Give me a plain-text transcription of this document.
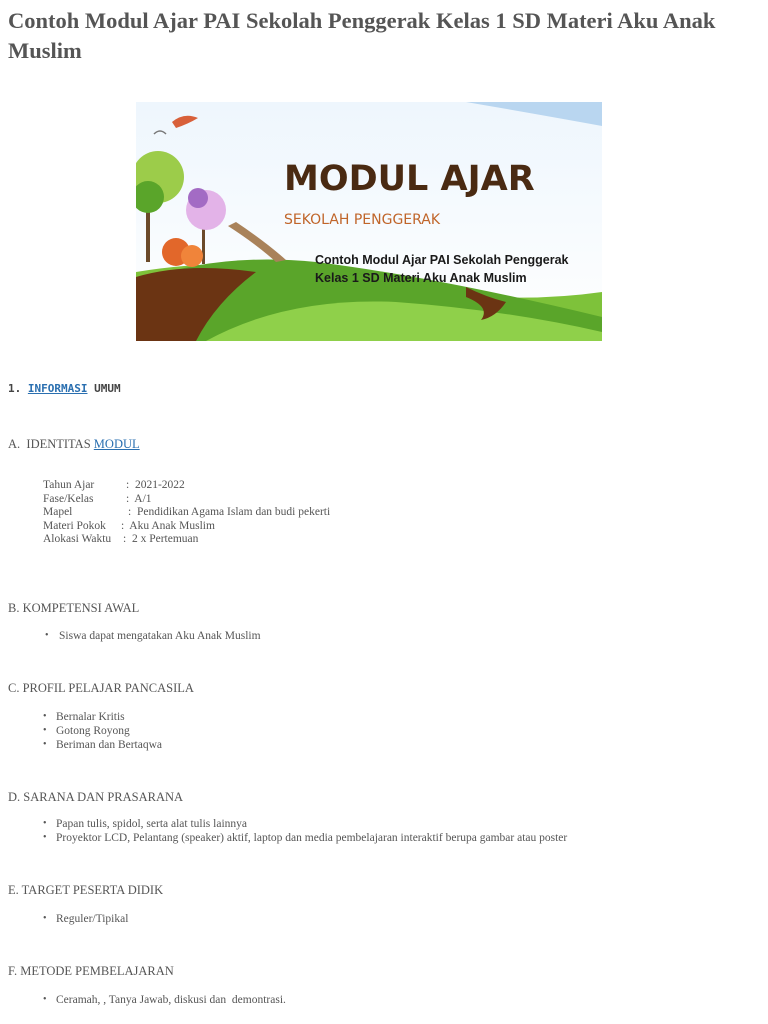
Contoh Modul Ajar PAI Sekolah Penggerak Kelas 1 SD Materi Aku Anak Muslim
MODUL AJAR
SEKOLAH PENGGERAK
Contoh Modul Ajar PAI Sekolah Penggerak
Kelas 1 SD Materi Aku Anak Muslim

1. INFORMASI UMUM

A.  IDENTITAS MODUL

Tahun Ajar	:  2021-2022
Fase/Kelas	:  A/1
Mapel	:  Pendidikan Agama Islam dan budi pekerti
Materi Pokok :  Aku Anak Muslim
Alokasi Waktu :  2 x Pertemuan

B. KOMPETENSI AWAL

• Siswa dapat mengatakan Aku Anak Muslim

C. PROFIL PELAJAR PANCASILA

• Bernalar Kritis
• Gotong Royong
• Beriman dan Bertaqwa

D. SARANA DAN PRASARANA

• Papan tulis, spidol, serta alat tulis lainnya
• Proyektor LCD, Pelantang (speaker) aktif, laptop dan media pembelajaran interaktif berupa gambar atau poster

E. TARGET PESERTA DIDIK

• Reguler/Tipikal

F. METODE PEMBELAJARAN

• Ceramah, , Tanya Jawab, diskusi dan  demontrasi.
